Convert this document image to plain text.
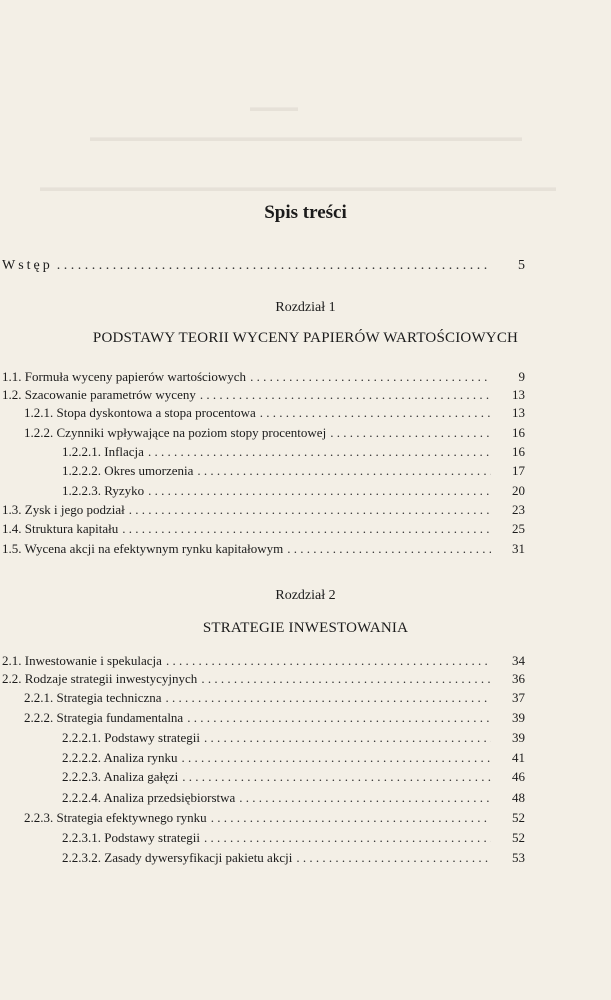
▬▬▬▬
▬▬▬▬▬▬▬▬▬▬▬▬▬▬▬▬▬▬▬▬▬▬▬▬▬▬▬▬▬▬▬▬▬▬▬▬
▬▬▬▬▬▬▬▬▬▬▬▬▬▬▬▬▬▬▬▬▬▬▬▬▬▬▬▬▬▬▬▬▬▬▬▬▬▬▬▬▬▬▬
Spis treści
Wstęp . . .	5
Rozdział 1
PODSTAWY TEORII WYCENY PAPIERÓW WARTOŚCIOWYCH
1.1. Formuła wyceny papierów wartościowych . . .	9
1.2. Szacowanie parametrów wyceny . . .	13
1.2.1. Stopa dyskontowa a stopa procentowa . . .	13
1.2.2. Czynniki wpływające na poziom stopy procentowej . . .	16
1.2.2.1. Inflacja . . .	16
1.2.2.2. Okres umorzenia . . .	17
1.2.2.3. Ryzyko . . .	20
1.3. Zysk i jego podział . . .	23
1.4. Struktura kapitału . . .	25
1.5. Wycena akcji na efektywnym rynku kapitałowym . . .	31
Rozdział 2
STRATEGIE INWESTOWANIA
2.1. Inwestowanie i spekulacja . . .	34
2.2. Rodzaje strategii inwestycyjnych . . .	36
2.2.1. Strategia techniczna . . .	37
2.2.2. Strategia fundamentalna . . .	39
2.2.2.1. Podstawy strategii . . .	39
2.2.2.2. Analiza rynku . . .	41
2.2.2.3. Analiza gałęzi . . .	46
2.2.2.4. Analiza przedsiębiorstwa . . .	48
2.2.3. Strategia efektywnego rynku . . .	52
2.2.3.1. Podstawy strategii . . .	52
2.2.3.2. Zasady dywersyfikacji pakietu akcji . . .	53
